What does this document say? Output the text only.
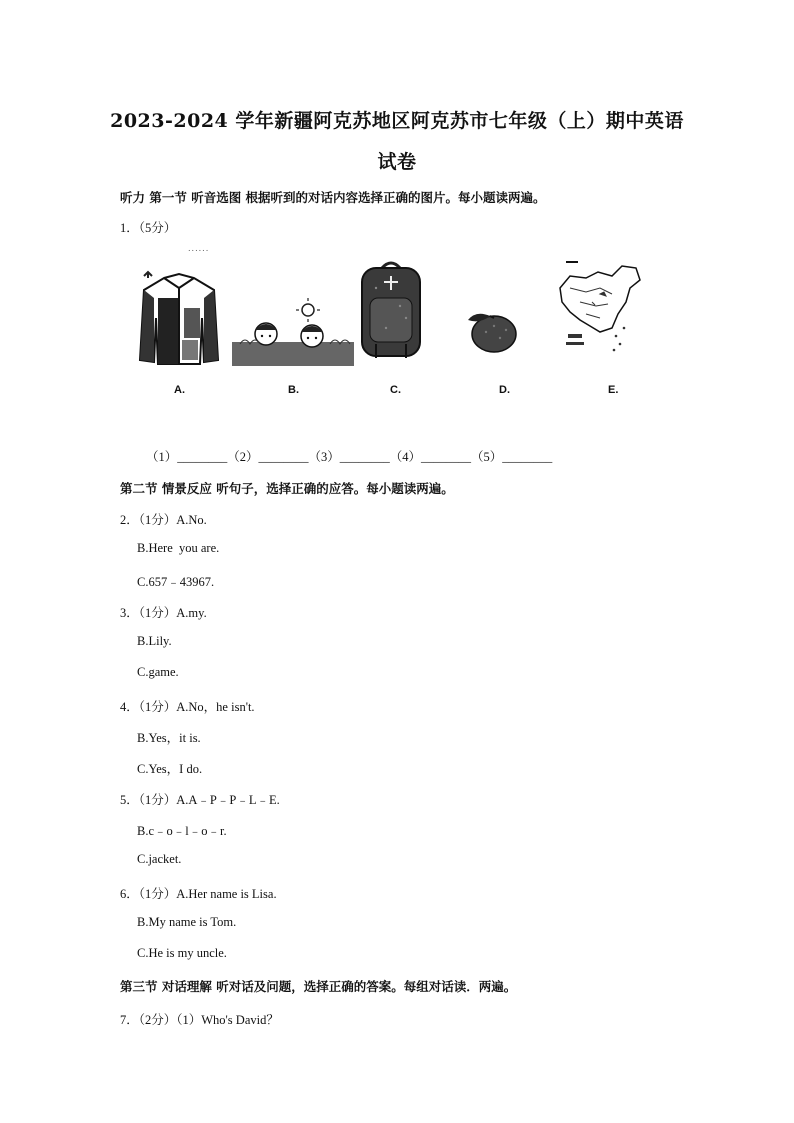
2023-2024 学年新疆阿克苏地区阿克苏市七年级（上）期中英语
试卷
听力 第一节 听音选图 根据听到的对话内容选择正确的图片。每小题读两遍。
1．（5分）
......
A.	B.	C.	D.	E.
（1）________（2）________（3）________（4）________（5）________
第二节 情景反应 听句子，选择正确的应答。每小题读两遍。
2．（1分）A.No.
B.Here  you are.
C.657﹣43967.
3．（1分）A.my.
B.Lily.
C.game.
4．（1分）A.No，he isn't.
B.Yes，it is.
C.Yes，I do.
5．（1分）A.A﹣P﹣P﹣L﹣E.
B.c﹣o﹣l﹣o﹣r.
C.jacket.
6．（1分）A.Her name is Lisa.
B.My name is Tom.
C.He is my uncle.
第三节 对话理解 听对话及问题，选择正确的答案。每组对话读．两遍。
7．（2分）（1）Who's David？
